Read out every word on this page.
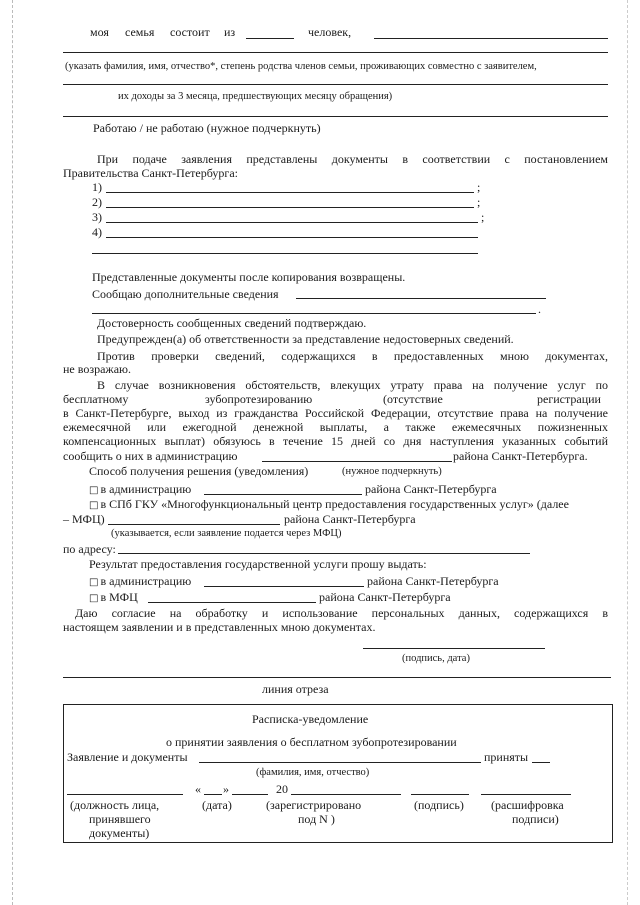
моя семья состоит из	человек,
(указать фамилия, имя, отчество*, степень родства членов семьи, проживающих совместно с заявителем,
их доходы за 3 месяца, предшествующих месяцу обращения)
Работаю / не работаю (нужное подчеркнуть)
При подаче заявления представлены документы в соответствии с постановлением
Правительства Санкт-Петербурга:
1)	;
2)	;
3)	;
4)
Представленные документы после копирования возвращены.
Сообщаю дополнительные сведения
.
Достоверность сообщенных сведений подтверждаю.
Предупрежден(а) об ответственности за представление недостоверных сведений.
Против проверки сведений, содержащихся в предоставленных мною документах,
не возражаю.
В случае возникновения обстоятельств, влекущих утрату права на получение услуг по
бесплатному	зубопротезированию	(отсутствие	регистрации
в Санкт-Петербурге, выход из гражданства Российской Федерации, отсутствие права на получение
ежемесячной или ежегодной денежной выплаты, а также ежемесячных пожизненных
компенсационных выплат) обязуюсь в течение 15 дней со дня наступления указанных событий
сообщить о них в администрацию	района Санкт-Петербурга.
Способ получения решения (уведомления)	(нужное подчеркнуть)
□ в администрацию	района Санкт-Петербурга
□ в СПб ГКУ «Многофункциональный центр предоставления государственных услуг» (далее
– МФЦ)	района Санкт-Петербурга
(указывается, если заявление подается через МФЦ)
по адресу:
Результат предоставления государственной услуги прошу выдать:
□ в администрацию	района Санкт-Петербурга
□ в МФЦ	района Санкт-Петербурга
Даю согласие на обработку и использование персональных данных, содержащихся в
настоящем заявлении и в представленных мною документах.
(подпись, дата)
линия отреза
Расписка-уведомление
о принятии заявления о бесплатном зубопротезировании
Заявление и документы	приняты
(фамилия, имя, отчество)
« »	20
(должность лица,
принявшего
документы)
(дата)	(зарегистрировано
под N )
(подпись) (расшифровка
подписи)
